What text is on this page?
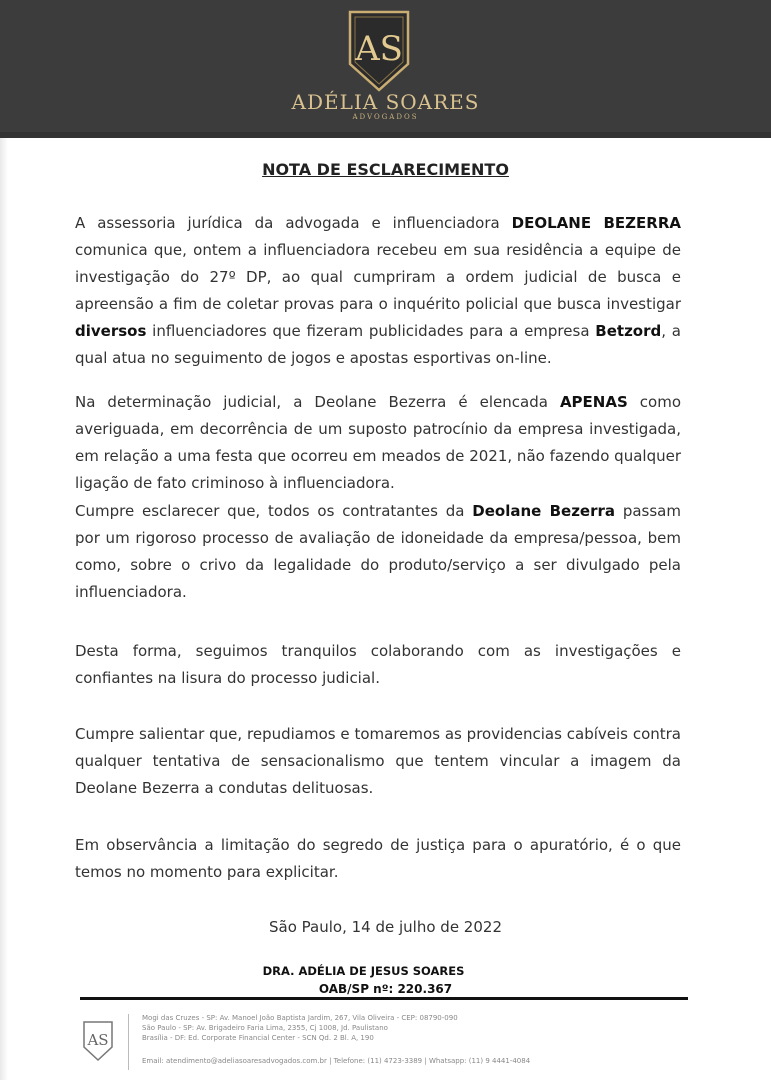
AS
ADÉLIA SOARES
ADVOGADOS
NOTA DE ESCLARECIMENTO
A assessoria jurídica da advogada e influenciadora DEOLANE BEZERRA comunica que, ontem a influenciadora recebeu em sua residência a equipe de investigação do 27º DP, ao qual cumpriram a ordem judicial de busca e apreensão a fim de coletar provas para o inquérito policial que busca investigar diversos influenciadores que fizeram publicidades para a empresa Betzord, a qual atua no seguimento de jogos e apostas esportivas on-line.
Na determinação judicial, a Deolane Bezerra é elencada APENAS como averiguada, em decorrência de um suposto patrocínio da empresa investigada, em relação a uma festa que ocorreu em meados de 2021, não fazendo qualquer ligação de fato criminoso à influenciadora.
Cumpre esclarecer que, todos os contratantes da Deolane Bezerra passam por um rigoroso processo de avaliação de idoneidade da empresa/pessoa, bem como, sobre o crivo da legalidade do produto/serviço a ser divulgado pela influenciadora.
Desta forma, seguimos tranquilos colaborando com as investigações e confiantes na lisura do processo judicial.
Cumpre salientar que, repudiamos e tomaremos as providencias cabíveis contra qualquer tentativa de sensacionalismo que tentem vincular a imagem da Deolane Bezerra a condutas delituosas.
Em observância a limitação do segredo de justiça para o apuratório, é o que temos no momento para explicitar.
São Paulo, 14 de julho de 2022
DRA. ADÉLIA DE JESUS SOARES
OAB/SP nº: 220.367
AS
Mogi das Cruzes - SP: Av. Manoel João Baptista Jardim, 267, Vila Oliveira - CEP: 08790-090
São Paulo - SP: Av. Brigadeiro Faria Lima, 2355, Cj 1008, Jd. Paulistano
Brasília - DF: Ed. Corporate Financial Center - SCN Qd. 2 Bl. A, 190
Email: atendimento@adeliasoaresadvogados.com.br | Telefone: (11) 4723-3389 | Whatsapp: (11) 9 4441-4084
